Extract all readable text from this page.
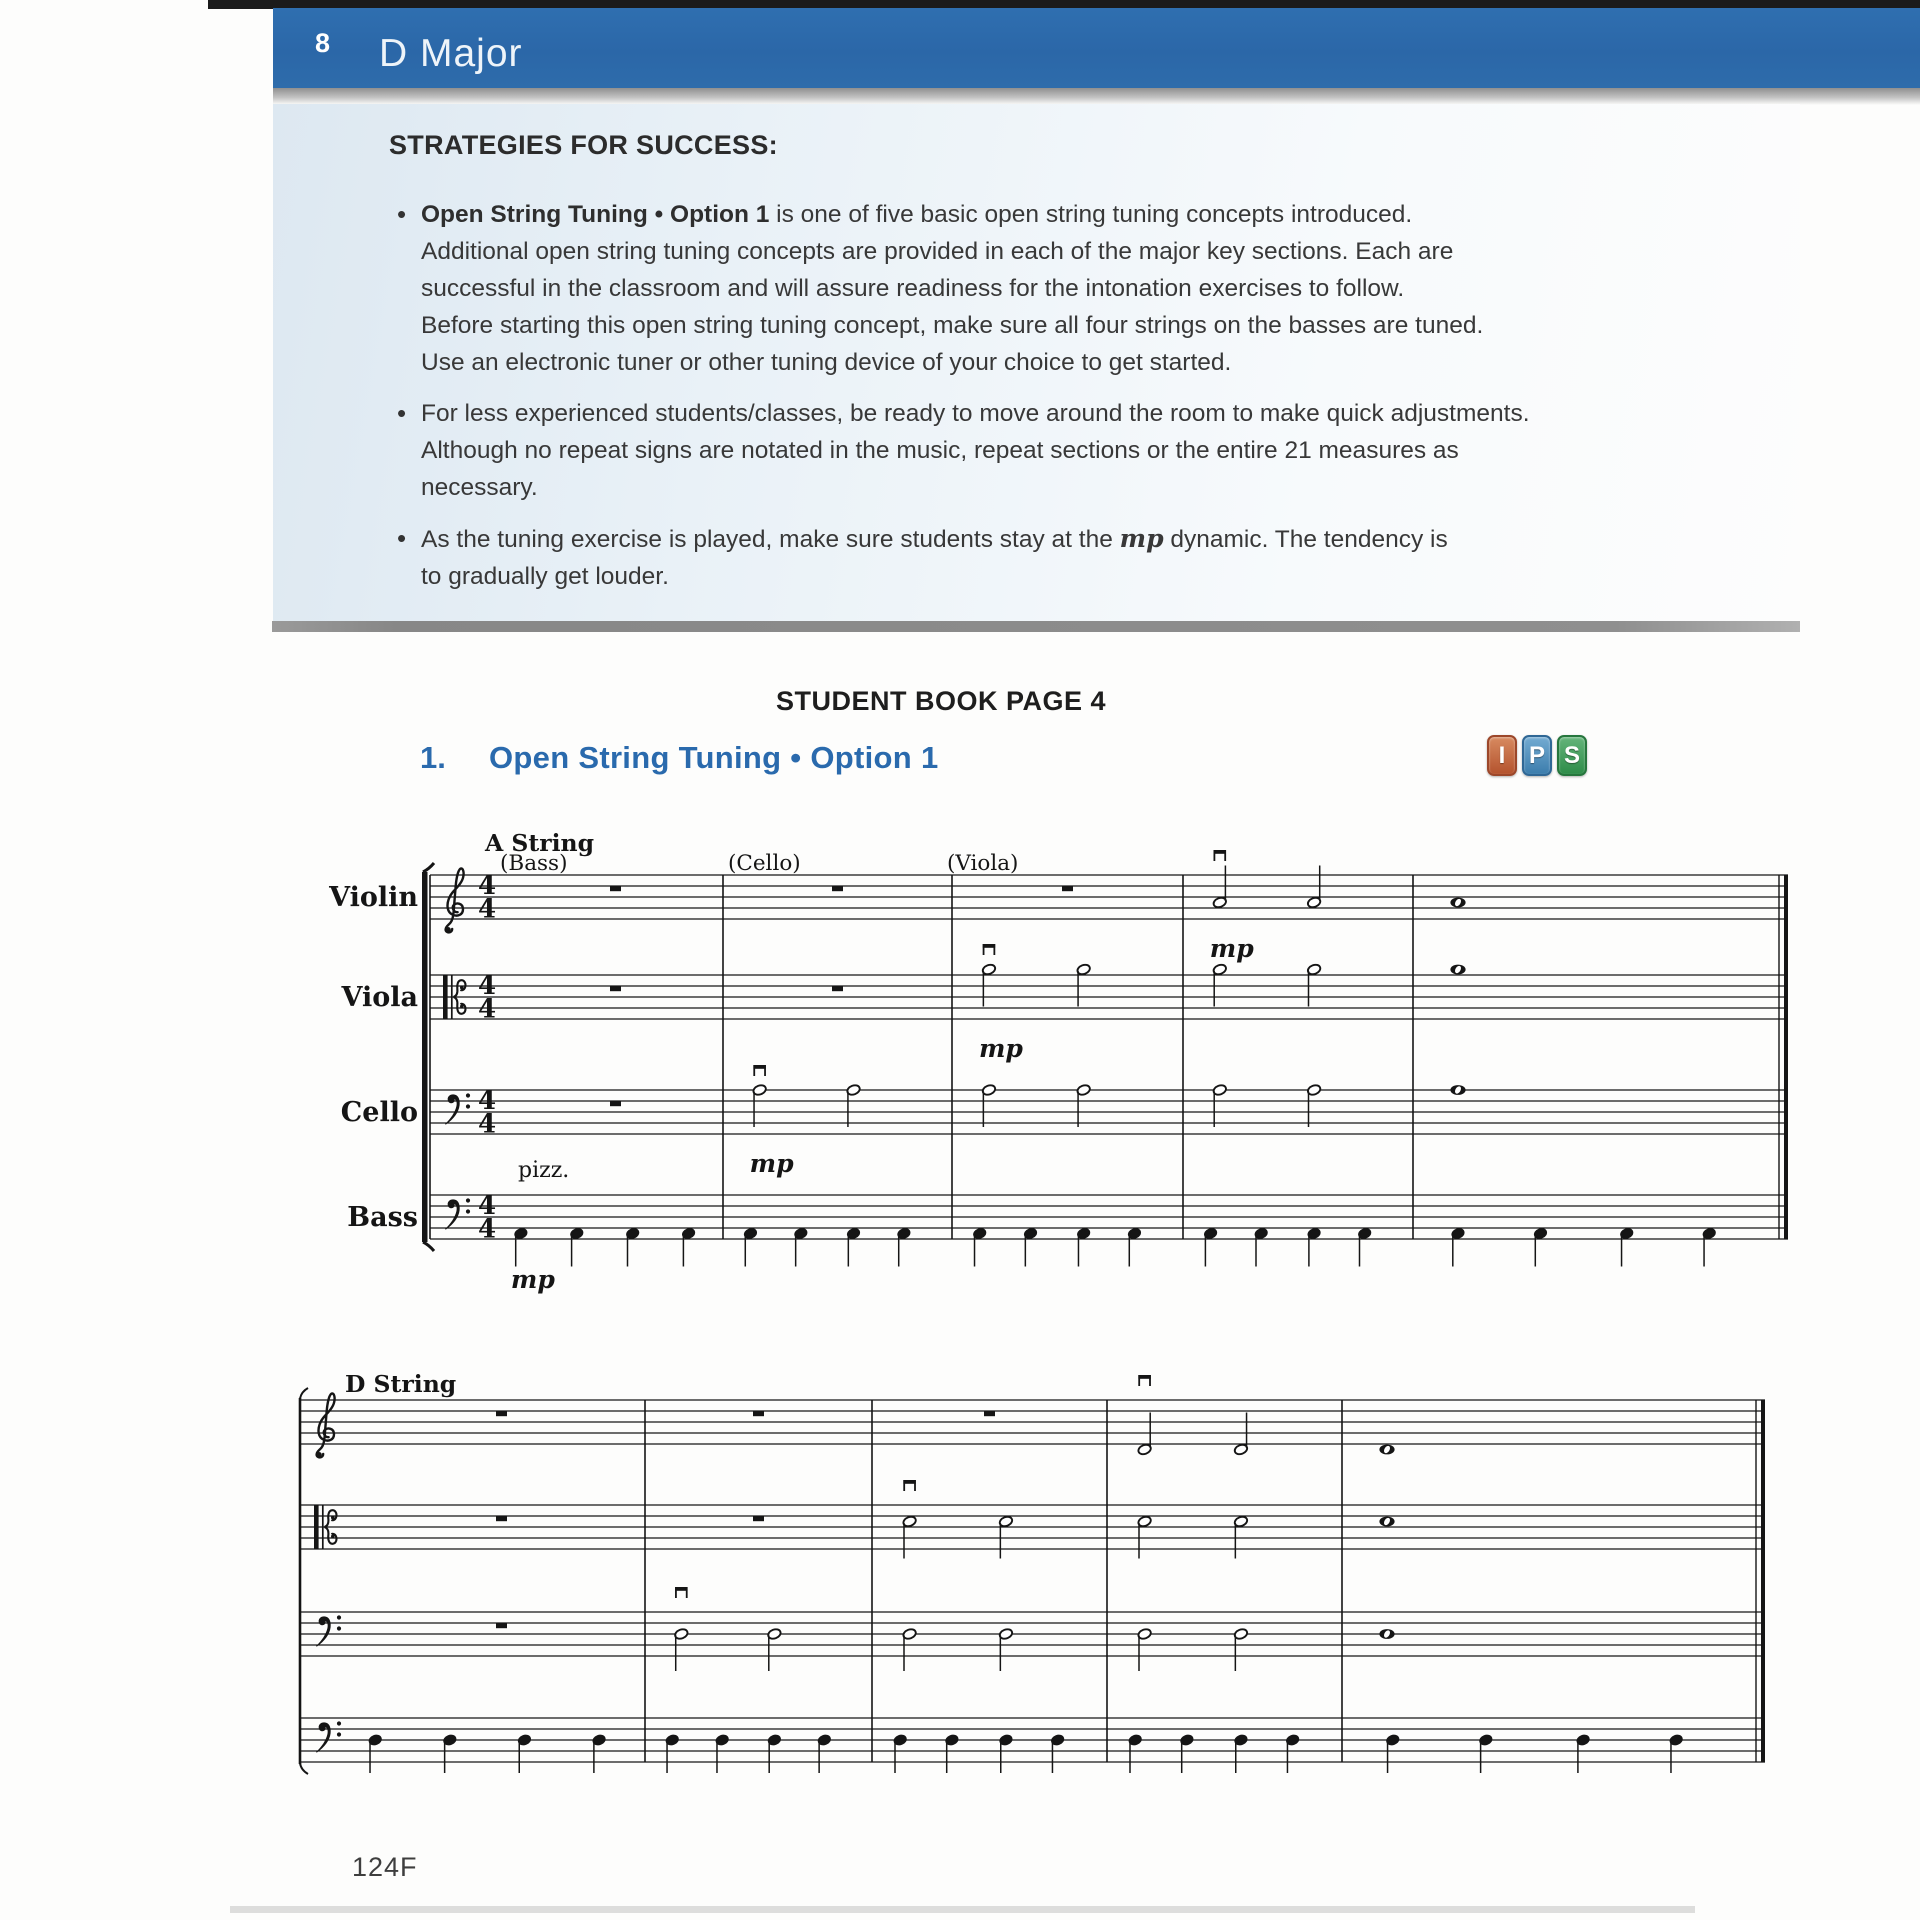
8 D Major
STRATEGIES FOR SUCCESS:
• Open String Tuning • Option 1 is one of five basic open string tuning concepts introduced.
Additional open string tuning concepts are provided in each of the major key sections. Each are
successful in the classroom and will assure readiness for the intonation exercises to follow.
Before starting this open string tuning concept, make sure all four strings on the basses are tuned.
Use an electronic tuner or other tuning device of your choice to get started.
• For less experienced students/classes, be ready to move around the room to make quick adjustments.
Although no repeat signs are notated in the music, repeat sections or the entire 21 measures as
necessary.
• As the tuning exercise is played, make sure students stay at the mp dynamic. The tendency is
to gradually get louder.
STUDENT BOOK PAGE 4
1. Open String Tuning • Option 1	I P S
A String
(Bass)	(Cello)	(Viola)
4
4
Violin
mp
4
4
Viola
mp
4
4
Cello
mp
4
4
Bass
pizz.
mp
D String
124F
